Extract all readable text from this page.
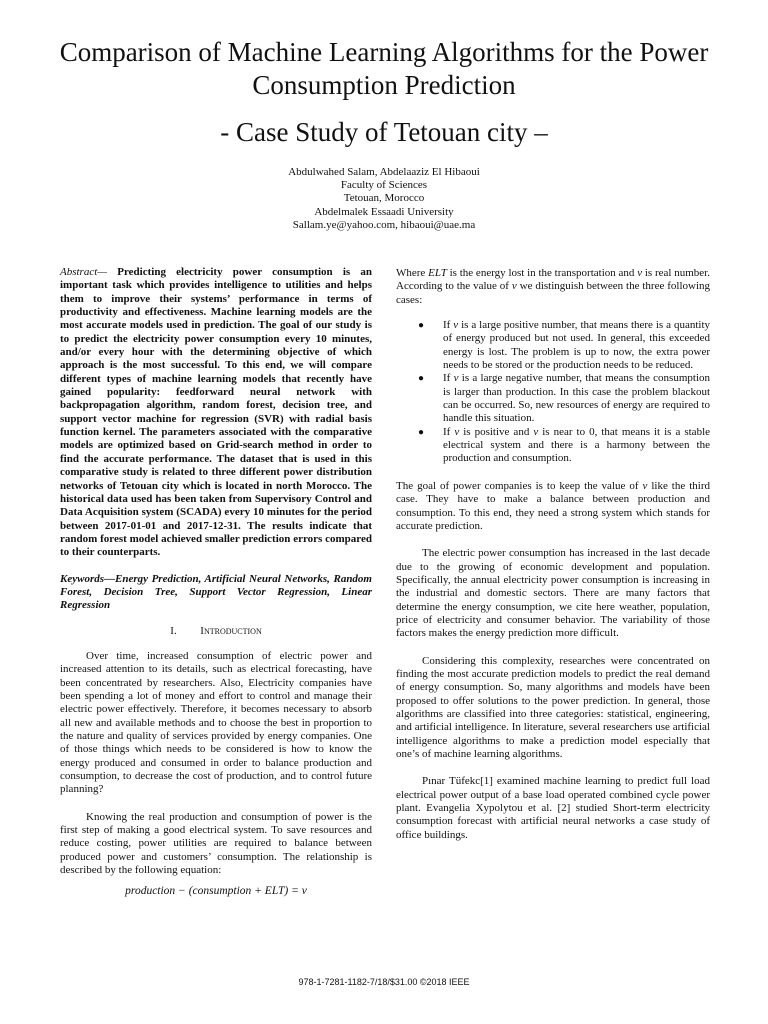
Comparison of Machine Learning Algorithms for the Power Consumption Prediction
- Case Study of Tetouan city –
Abdulwahed Salam, Abdelaaziz El Hibaoui
Faculty of Sciences
Tetouan, Morocco
Abdelmalek Essaadi University
Sallam.ye@yahoo.com, hibaoui@uae.ma

Abstract— Predicting electricity power consumption is an important task which provides intelligence to utilities and helps them to improve their systems’ performance in terms of productivity and effectiveness. Machine learning models are the most accurate models used in prediction. The goal of our study is to predict the electricity power consumption every 10 minutes, and/or every hour with the determining objective of which approach is the most successful. To this end, we will compare different types of machine learning models that recently have gained popularity: feedforward neural network with backpropagation algorithm, random forest, decision tree, and support vector machine for regression (SVR) with radial basis function kernel. The parameters associated with the comparative models are optimized based on Grid-search method in order to find the accurate performance. The dataset that is used in this comparative study is related to three different power distribution networks of Tetouan city which is located in north Morocco. The historical data used has been taken from Supervisory Control and Data Acquisition system (SCADA) every 10 minutes for the period between 2017-01-01 and 2017-12-31. The results indicate that random forest model achieved smaller prediction errors compared to their counterparts.

Keywords—Energy Prediction, Artificial Neural Networks, Random Forest, Decision Tree, Support Vector Regression, Linear Regression

I. Introduction

Over time, increased consumption of electric power and increased attention to its details, such as electrical forecasting, have been concentrated by researchers. Also, Electricity companies have been spending a lot of money and effort to control and manage their electric power effectively. Therefore, it becomes necessary to absorb all new and available methods and to choose the best in proportion to the nature and quality of services provided by energy companies. One of those things which needs to be considered is how to know the energy produced and consumed in order to balance production and consumption, to decrease the cost of production, and to control future planning?

Knowing the real production and consumption of power is the first step of making a good electrical system. To save resources and reduce costing, power utilities are required to balance between produced power and customers’ consumption. The relationship is described by the following equation:

production − (consumption + ELT) = v

Where ELT is the energy lost in the transportation and v is real number. According to the value of v we distinguish between the three following cases:

● If v is a large positive number, that means there is a quantity of energy produced but not used. In general, this exceeded energy is lost. The problem is up to now, the extra power needs to be stored or the production needs to be reduced.
● If v is a large negative number, that means the consumption is larger than production. In this case the problem blackout can be occurred. So, new resources of energy are required to handle this situation.
● If v is positive and v is near to 0, that means it is a stable electrical system and there is a harmony between the production and consumption.

The goal of power companies is to keep the value of v like the third case. They have to make a balance between production and consumption. To this end, they need a strong system which stands for accurate prediction.

The electric power consumption has increased in the last decade due to the growing of economic development and population. Specifically, the annual electricity power consumption is increasing in the industrial and domestic sectors. There are many factors that determine the energy consumption, we cite here weather, population, price of electricity and consumer behavior. The variability of those factors makes the energy prediction more difficult.

Considering this complexity, researches were concentrated on finding the most accurate prediction models to predict the real demand of energy consumption. So, many algorithms and models have been proposed to offer solutions to the power prediction. In general, those algorithms are classified into three categories: statistical, engineering, and artificial intelligence. In literature, several researchers use artificial intelligence algorithms to make a prediction model especially that one’s of machine learning algorithms.

Pınar Tüfekc[1] examined machine learning to predict full load electrical power output of a base load operated combined cycle power plant. Evangelia Xypolytou et al. [2] studied Short-term electricity consumption forecast with artificial neural networks a case study of office buildings.

978-1-7281-1182-7/18/$31.00 ©2018 IEEE
